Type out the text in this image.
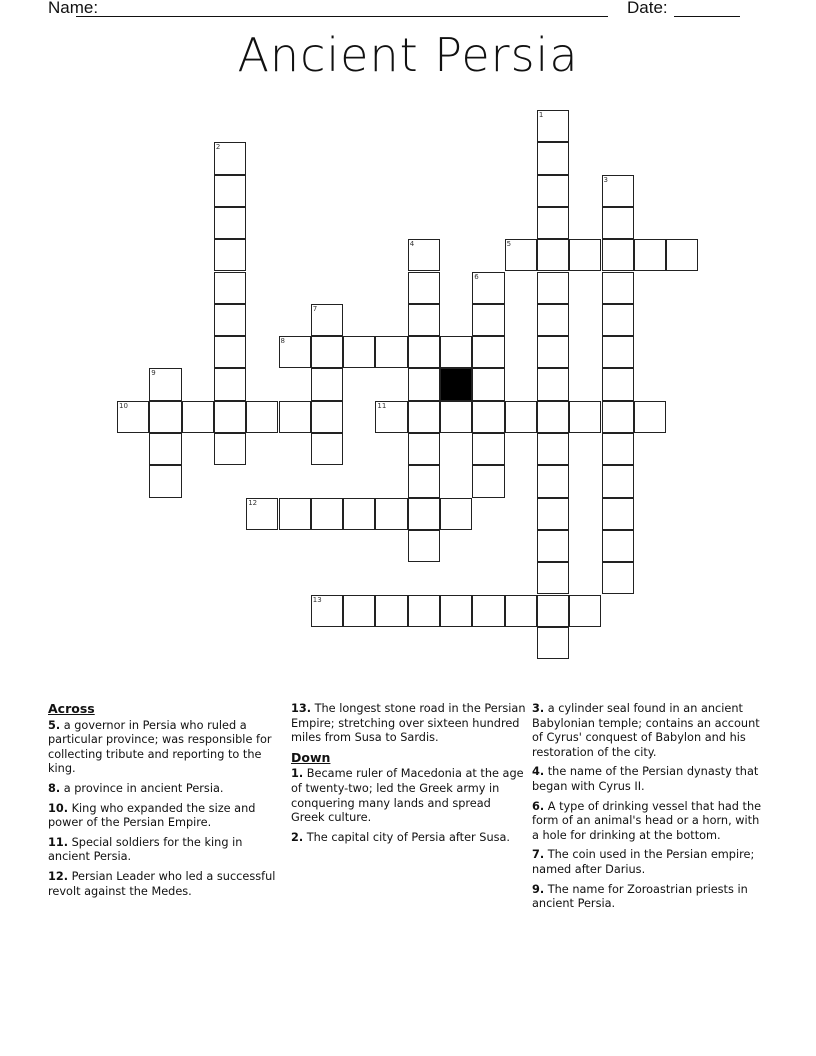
Name:	Date:
Ancient Persia
1
2
3
4	5
6
7
8
9
10	11
12
13
Across
5. a governor in Persia who ruled a particular province; was responsible for collecting tribute and reporting to the king.
8. a province in ancient Persia.
10. King who expanded the size and power of the Persian Empire.
11. Special soldiers for the king in ancient Persia.
12. Persian Leader who led a successful revolt against the Medes.
13. The longest stone road in the Persian Empire; stretching over sixteen hundred miles from Susa to Sardis.
Down
1. Became ruler of Macedonia at the age of twenty-two; led the Greek army in conquering many lands and spread Greek culture.
2. The capital city of Persia after Susa.
3. a cylinder seal found in an ancient Babylonian temple; contains an account of Cyrus' conquest of Babylon and his restoration of the city.
4. the name of the Persian dynasty that began with Cyrus II.
6. A type of drinking vessel that had the form of an animal's head or a horn, with a hole for drinking at the bottom.
7. The coin used in the Persian empire; named after Darius.
9. The name for Zoroastrian priests in ancient Persia.
